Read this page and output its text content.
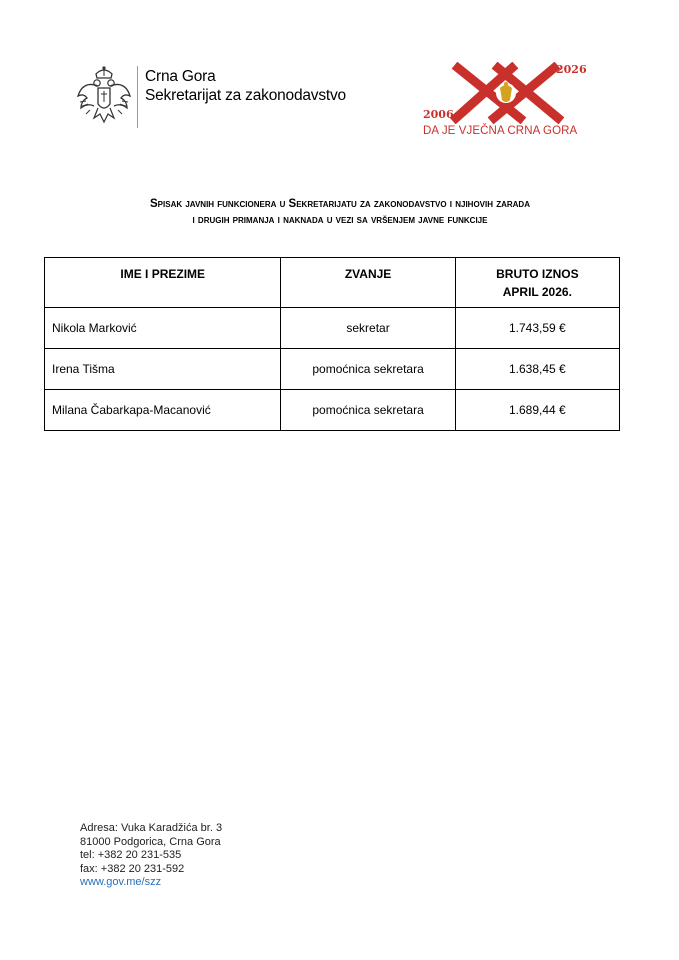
Crna Gora
Sekretarijat za zakonodavstvo
2026
2006
DA JE VJEČNA CRNA GORA
Spisak javnih funkcionera u Sekretarijatu za zakonodavstvo i njihovih zarada
i drugih primanja i naknada u vezi sa vršenjem javne funkcije
IME I PREZIME	ZVANJE	BRUTO IZNOS
APRIL 2026.

Nikola Marković	sekretar	1.743,59 €
Irena Tišma	pomoćnica sekretara	1.638,45 €
Milana Čabarkapa-Macanović	pomoćnica sekretara	1.689,44 €
Adresa: Vuka Karadžića br. 3
81000 Podgorica, Crna Gora
tel: +382 20 231-535
fax: +382 20 231-592
www.gov.me/szz
